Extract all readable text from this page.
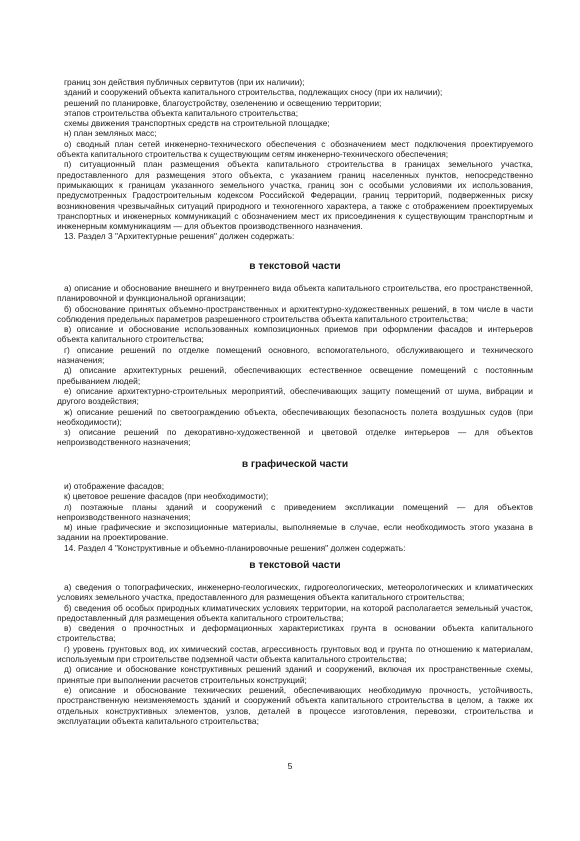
границ зон действия публичных сервитутов (при их наличии);

зданий и сооружений объекта капитального строительства, подлежащих сносу (при их наличии);

решений по планировке, благоустройству, озеленению и освещению территории;

этапов строительства объекта капитального строительства;

схемы движения транспортных средств на строительной площадке;

н) план земляных масс;

о) сводный план сетей инженерно-технического обеспечения с обозначением мест подключения проектируемого объекта капитального строительства к существующим сетям инженерно-технического обеспечения;

п) ситуационный план размещения объекта капитального строительства в границах земельного участка, предоставленного для размещения этого объекта, с указанием границ населенных пунктов, непосредственно примыкающих к границам указанного земельного участка, границ зон с особыми условиями их использования, предусмотренных Градостроительным кодексом Российской Федерации, границ территорий, подверженных риску возникновения чрезвычайных ситуаций природного и техногенного характера, а также с отображением проектируемых транспортных и инженерных коммуникаций с обозначением мест их присоединения к существующим транспортным и инженерным коммуникациям — для объектов производственного назначения.

13. Раздел 3 "Архитектурные решения" должен содержать:

в текстовой части

а) описание и обоснование внешнего и внутреннего вида объекта капитального строительства, его пространственной, планировочной и функциональной организации;

б) обоснование принятых объемно-пространственных и архитектурно-художественных решений, в том числе в части соблюдения предельных параметров разрешенного строительства объекта капитального строительства;

в) описание и обоснование использованных композиционных приемов при оформлении фасадов и интерьеров объекта капитального строительства;

г) описание решений по отделке помещений основного, вспомогательного, обслуживающего и технического назначения;

д) описание архитектурных решений, обеспечивающих естественное освещение помещений с постоянным пребыванием людей;

е) описание архитектурно-строительных мероприятий, обеспечивающих защиту помещений от шума, вибрации и другого воздействия;

ж) описание решений по светоограждению объекта, обеспечивающих безопасность полета воздушных судов (при необходимости);

з) описание решений по декоративно-художественной и цветовой отделке интерьеров — для объектов непроизводственного назначения;

в графической части

и) отображение фасадов;

к) цветовое решение фасадов (при необходимости);

л) поэтажные планы зданий и сооружений с приведением экспликации помещений — для объектов непроизводственного назначения;

м) иные графические и экспозиционные материалы, выполняемые в случае, если необходимость этого указана в задании на проектирование.

14. Раздел 4 "Конструктивные и объемно-планировочные решения" должен содержать:

в текстовой части

а) сведения о топографических, инженерно-геологических, гидрогеологических, метеорологических и климатических условиях земельного участка, предоставленного для размещения объекта капитального строительства;

б) сведения об особых природных климатических условиях территории, на которой располагается земельный участок, предоставленный для размещения объекта капитального строительства;

в) сведения о прочностных и деформационных характеристиках грунта в основании объекта капитального строительства;

г) уровень грунтовых вод, их химический состав, агрессивность грунтовых вод и грунта по отношению к материалам, используемым при строительстве подземной части объекта капитального строительства;

д) описание и обоснование конструктивных решений зданий и сооружений, включая их пространственные схемы, принятые при выполнении расчетов строительных конструкций;

е) описание и обоснование технических решений, обеспечивающих необходимую прочность, устойчивость, пространственную неизменяемость зданий и сооружений объекта капитального строительства в целом, а также их отдельных конструктивных элементов, узлов, деталей в процессе изготовления, перевозки, строительства и эксплуатации объекта капитального строительства;

5
